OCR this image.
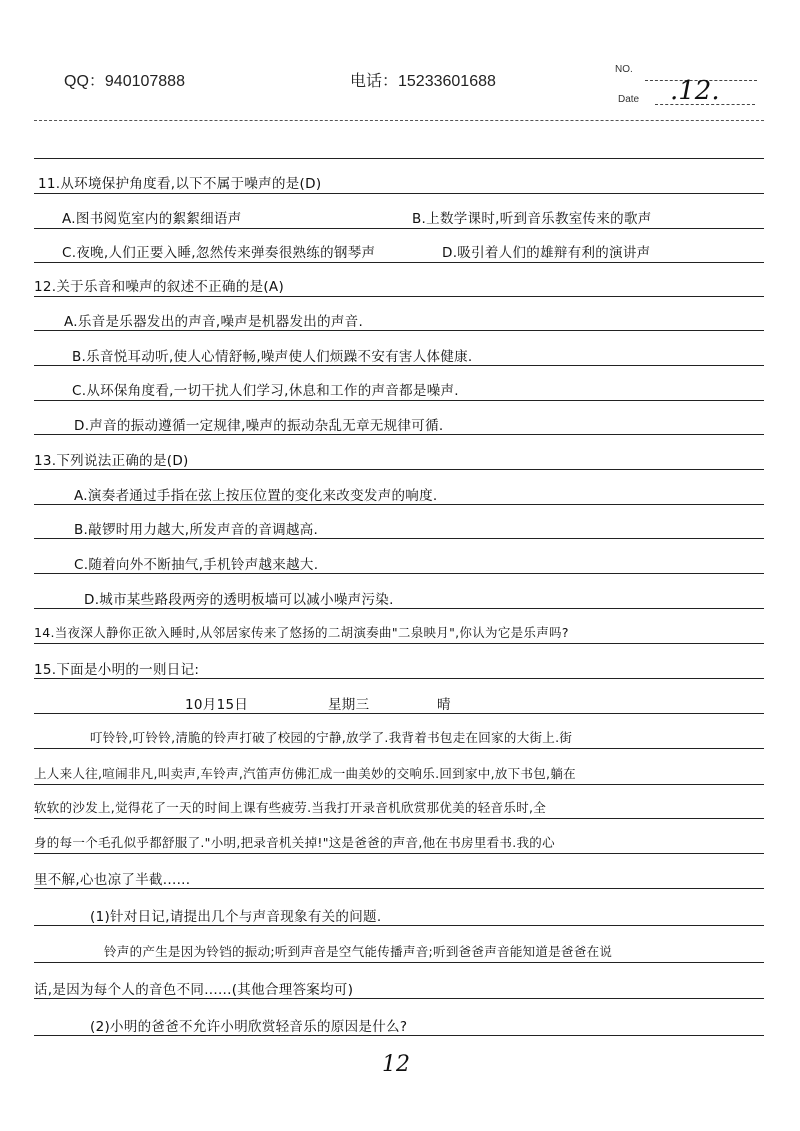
QQ：940107888	电话：15233601688
NO.
Date .12.
11.从环境保护角度看,以下不属于噪声的是(D)
A.图书阅览室内的絮絮细语声	B.上数学课时,听到音乐教室传来的歌声
C.夜晚,人们正要入睡,忽然传来弹奏很熟练的钢琴声	D.吸引着人们的雄辩有利的演讲声
12.关于乐音和噪声的叙述不正确的是(A)
A.乐音是乐器发出的声音,噪声是机器发出的声音.
B.乐音悦耳动听,使人心情舒畅,噪声使人们烦躁不安有害人体健康.
C.从环保角度看,一切干扰人们学习,休息和工作的声音都是噪声.
D.声音的振动遵循一定规律,噪声的振动杂乱无章无规律可循.
13.下列说法正确的是(D)
A.演奏者通过手指在弦上按压位置的变化来改变发声的响度.
B.敲锣时用力越大,所发声音的音调越高.
C.随着向外不断抽气,手机铃声越来越大.
D.城市某些路段两旁的透明板墙可以减小噪声污染.
14.当夜深人静你正欲入睡时,从邻居家传来了悠扬的二胡演奏曲"二泉映月",你认为它是乐声吗?
15.下面是小明的一则日记:
10月15日	星期三	晴
叮铃铃,叮铃铃,清脆的铃声打破了校园的宁静,放学了.我背着书包走在回家的大街上.街
上人来人往,喧闹非凡,叫卖声,车铃声,汽笛声仿佛汇成一曲美妙的交响乐.回到家中,放下书包,躺在
软软的沙发上,觉得花了一天的时间上课有些疲劳.当我打开录音机欣赏那优美的轻音乐时,全
身的每一个毛孔似乎都舒服了."小明,把录音机关掉!"这是爸爸的声音,他在书房里看书.我的心
里不解,心也凉了半截......
(1)针对日记,请提出几个与声音现象有关的问题.
铃声的产生是因为铃铛的振动;听到声音是空气能传播声音;听到爸爸声音能知道是爸爸在说
话,是因为每个人的音色不同......(其他合理答案均可)
(2)小明的爸爸不允许小明欣赏轻音乐的原因是什么?
12
